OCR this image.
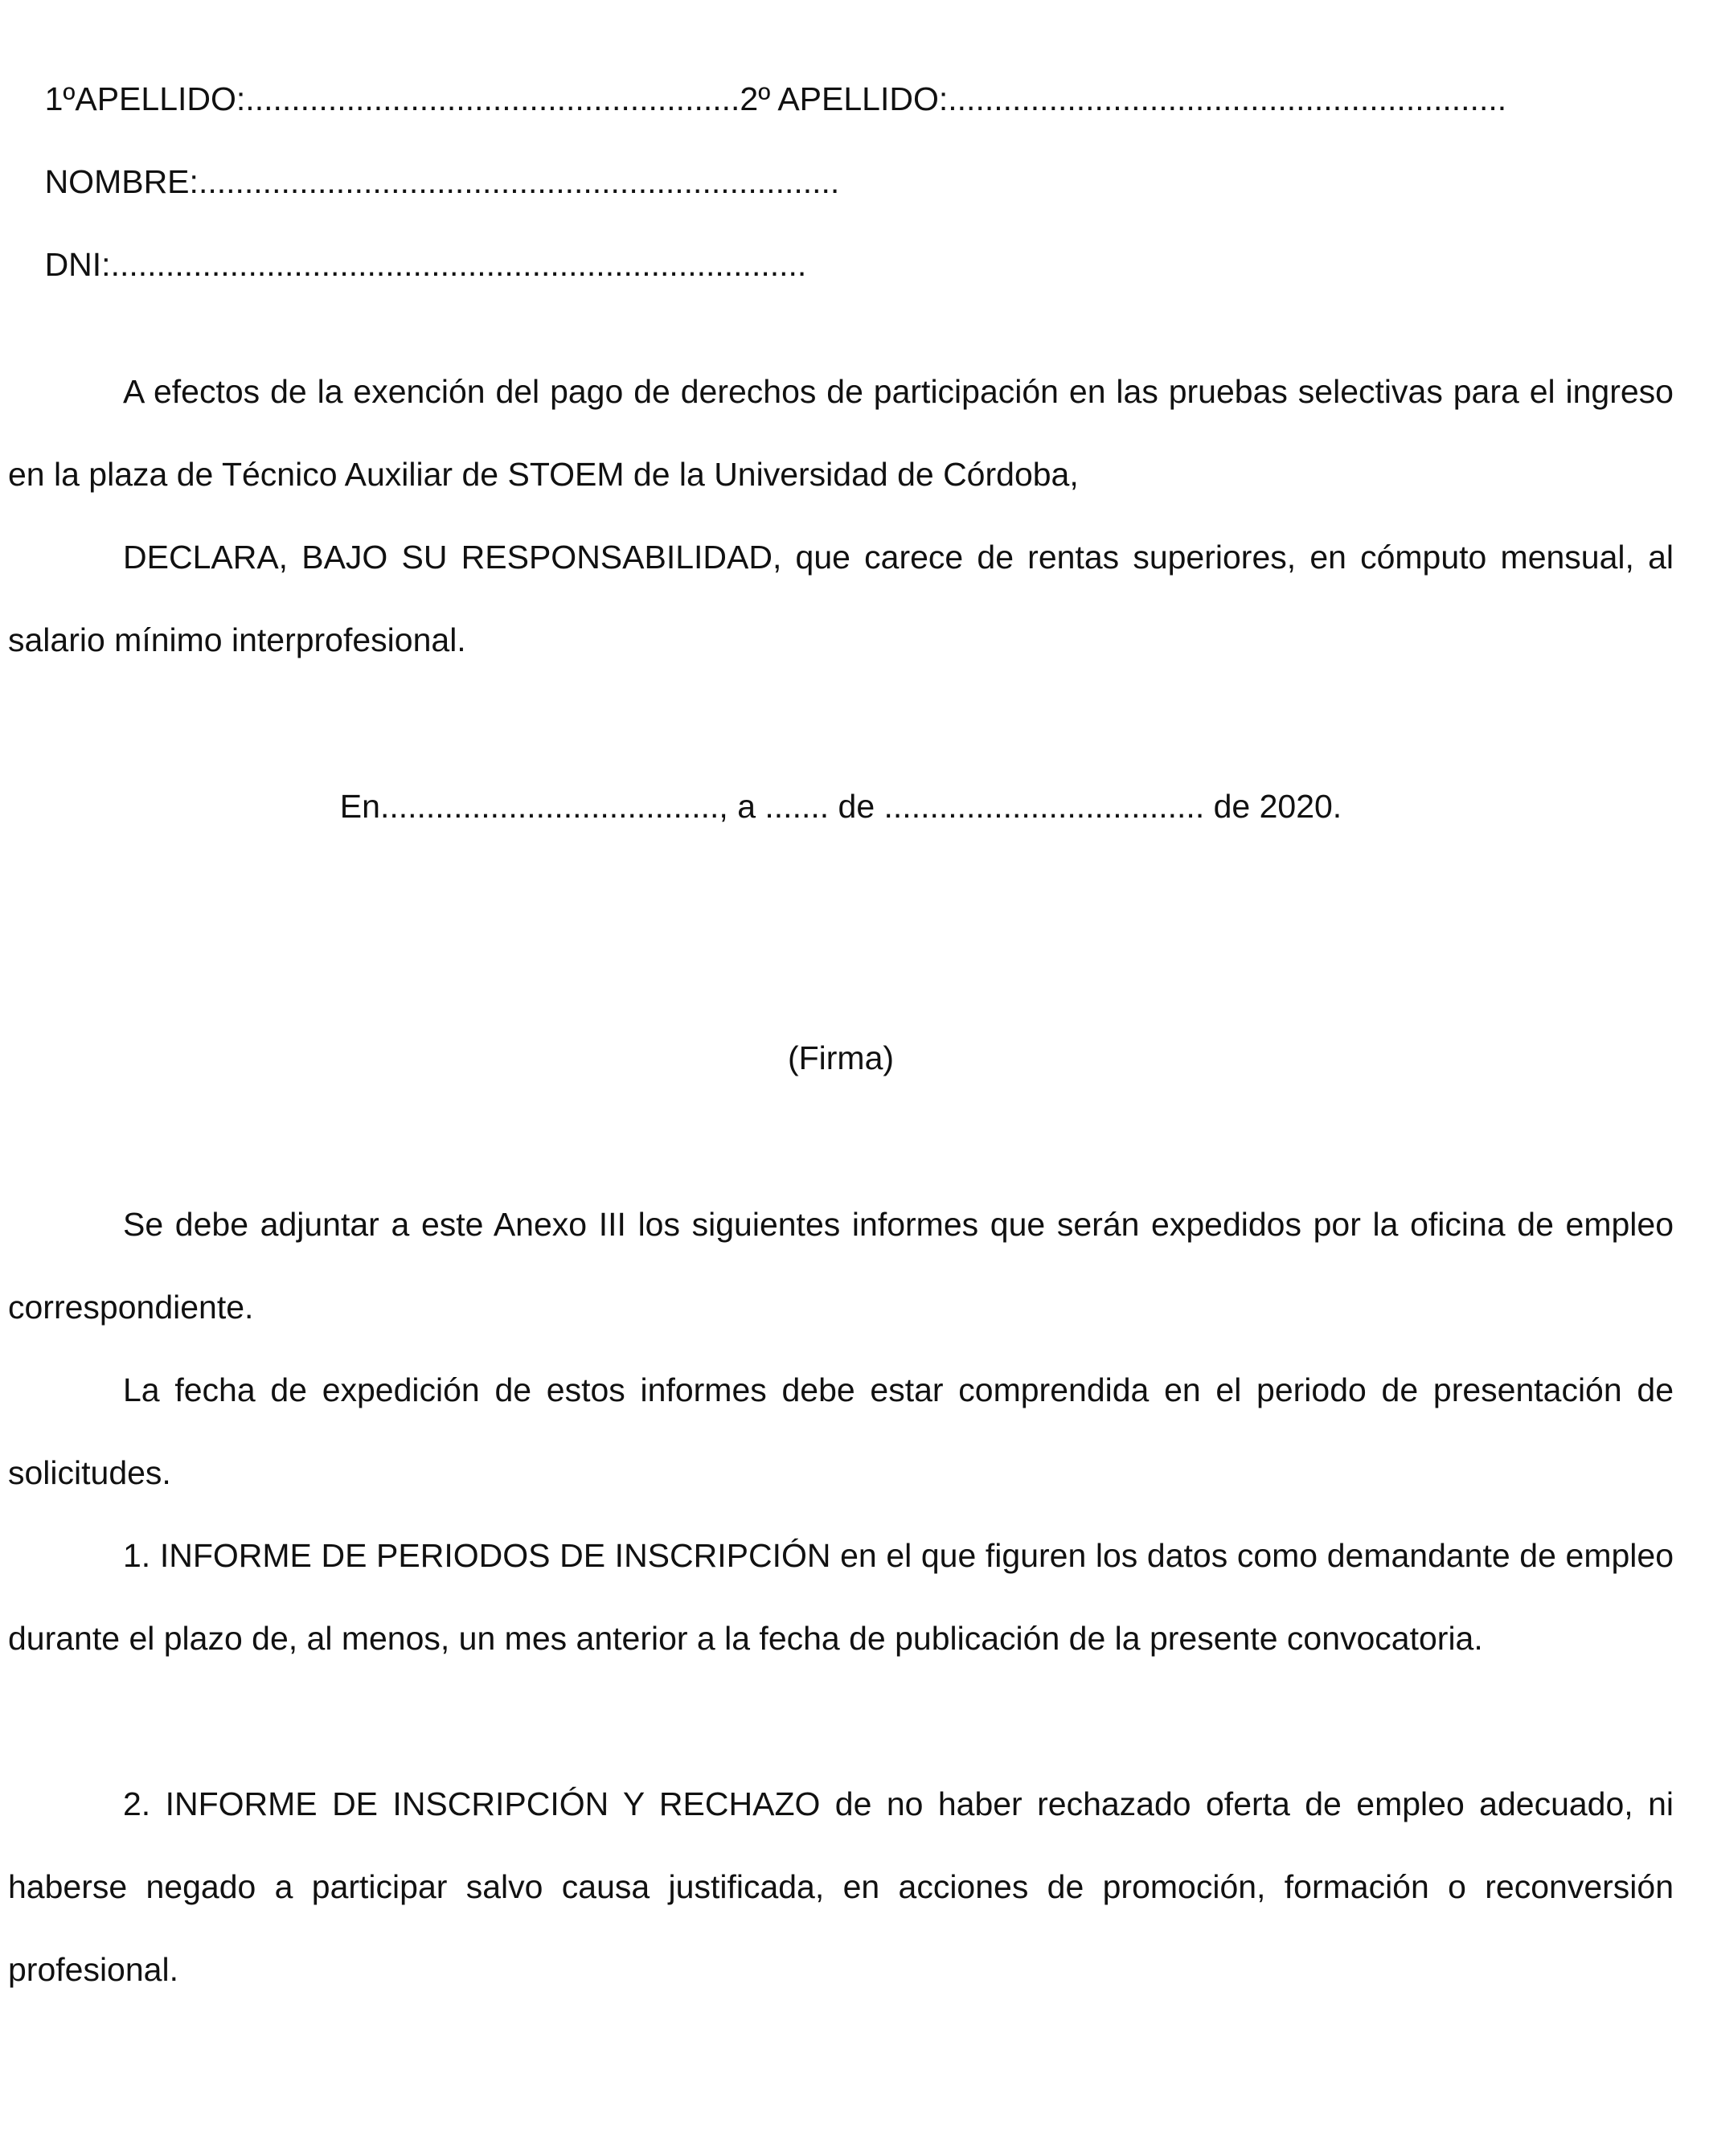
1ºAPELLIDO:......................................................2º APELLIDO:.............................................................

NOMBRE:......................................................................

DNI:............................................................................

A efectos de la exención del pago de derechos de participación en las pruebas selectivas para el ingreso en la plaza de Técnico Auxiliar de STOEM de la Universidad de Córdoba,

DECLARA, BAJO SU RESPONSABILIDAD, que carece de rentas superiores, en cómputo mensual, al salario mínimo interprofesional.

En....................................., a ....... de ................................... de 2020.
(Firma)

Se debe adjuntar a este Anexo III los siguientes informes que serán expedidos por la oficina de empleo correspondiente.

La fecha de expedición de estos informes debe estar comprendida en el periodo de presentación de solicitudes.

1. INFORME DE PERIODOS DE INSCRIPCIÓN en el que figuren los datos como demandante de empleo durante el plazo de, al menos, un mes anterior a la fecha de publicación de la presente convocatoria.

2. INFORME DE INSCRIPCIÓN Y RECHAZO de no haber rechazado oferta de empleo adecuado, ni haberse negado a participar salvo causa justificada, en acciones de promoción, formación o reconversión profesional.
